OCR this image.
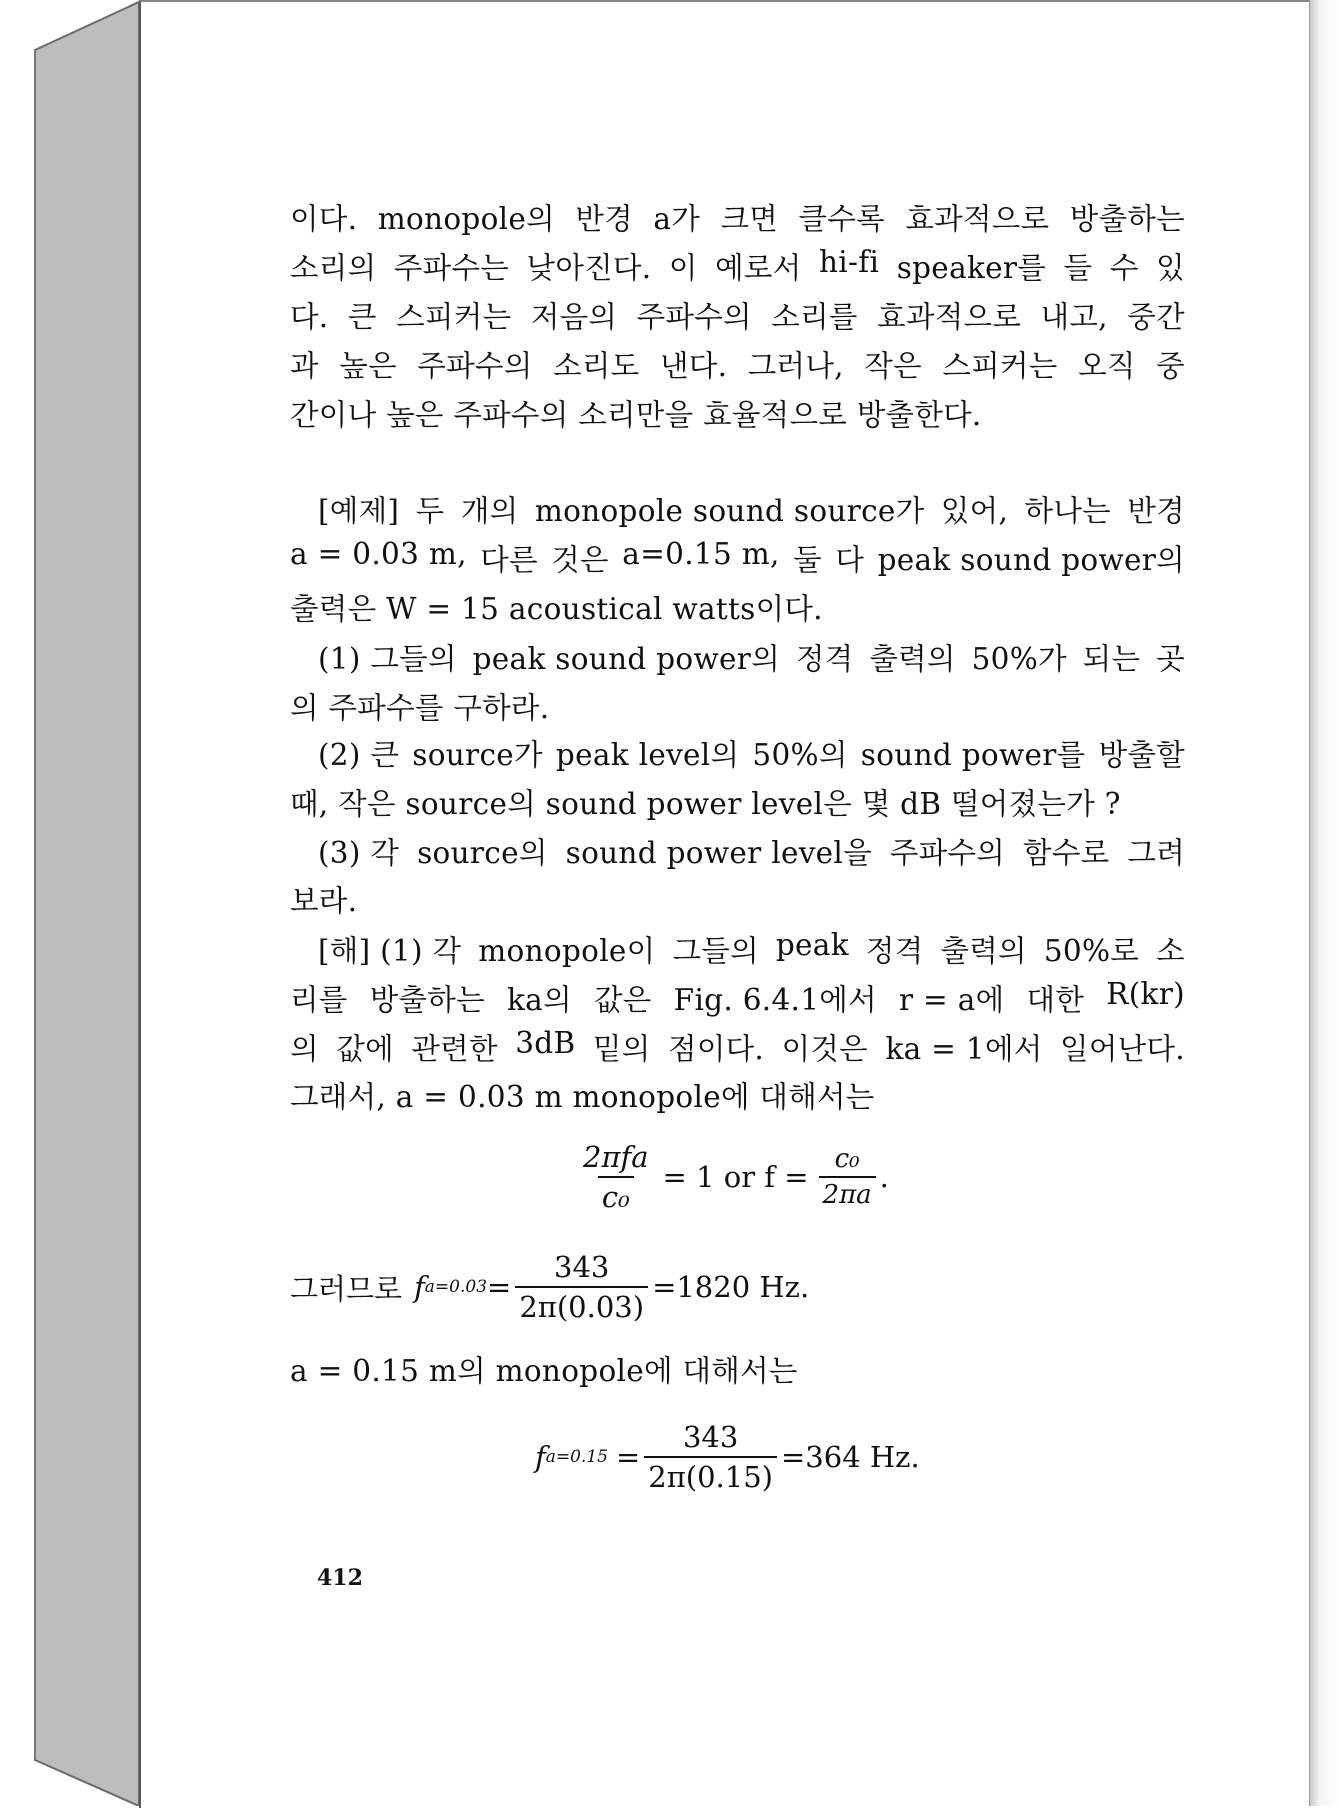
이다. monopole의 반경 a가 크면 클수록 효과적으로 방출하는
소리의 주파수는 낮아진다. 이 예로서 hi-fi speaker를 들 수 있
다. 큰 스피커는 저음의 주파수의 소리를 효과적으로 내고, 중간
과 높은 주파수의 소리도 낸다. 그러나, 작은 스피커는 오직 중
간이나 높은 주파수의 소리만을 효율적으로 방출한다.
[예제] 두 개의 monopole sound source가 있어, 하나는 반경
a = 0.03 m, 다른 것은 a=0.15 m, 둘 다 peak sound power의
출력은 W = 15 acoustical watts이다.
(1) 그들의 peak sound power의 정격 출력의 50%가 되는 곳
의 주파수를 구하라.
(2) 큰 source가 peak level의 50%의 sound power를 방출할
때, 작은 source의 sound power level은 몇 dB 떨어졌는가 ?
(3) 각 source의 sound power level을 주파수의 함수로 그려
보라.
[해] (1) 각 monopole이 그들의 peak 정격 출력의 50%로 소
리를 방출하는 ka의 값은 Fig. 6.4.1에서 r = a에 대한 R(kr)
의 값에 관련한 3dB 밑의 점이다. 이것은 ka = 1에서 일어난다.
그래서, a = 0.03 m monopole에 대해서는
$\frac{\text{2πfa}}{\text{c₀}} = 1$ or $f = \frac{\text{c₀}}{2\pi a}$ .
그러므로 f $a=0.03 = \frac{343}{2\pi(0.03)} =1820$ Hz.
a = 0.15 m의 monopole에 대해서는
f $a=0.15 = \frac{343}{2\pi(0.15)} =364$ Hz.
412
